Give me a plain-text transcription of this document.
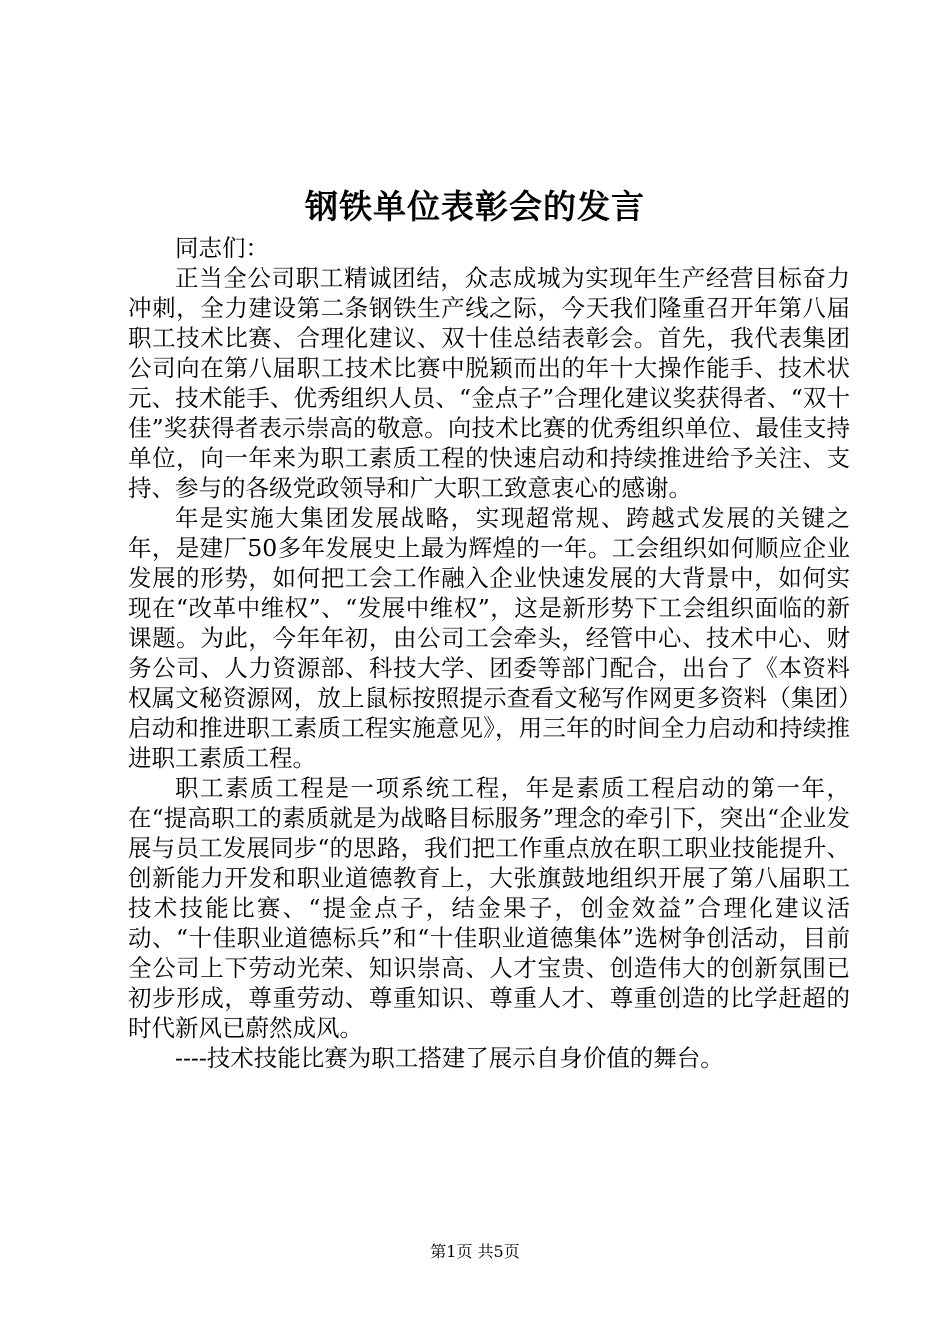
钢铁单位表彰会的发言

同志们：

正当全公司职工精诚团结，众志成城为实现年生产经营目标奋力冲刺，全力建设第二条钢铁生产线之际，今天我们隆重召开年第八届职工技术比赛、合理化建议、双十佳总结表彰会。首先，我代表集团公司向在第八届职工技术比赛中脱颖而出的年十大操作能手、技术状元、技术能手、优秀组织人员、“金点子”合理化建议奖获得者、“双十佳”奖获得者表示崇高的敬意。向技术比赛的优秀组织单位、最佳支持单位，向一年来为职工素质工程的快速启动和持续推进给予关注、支持、参与的各级党政领导和广大职工致意衷心的感谢。

年是实施大集团发展战略，实现超常规、跨越式发展的关键之年，是建厂50多年发展史上最为辉煌的一年。工会组织如何顺应企业发展的形势，如何把工会工作融入企业快速发展的大背景中，如何实现在“改革中维权”、“发展中维权”，这是新形势下工会组织面临的新课题。为此，今年年初，由公司工会牵头，经管中心、技术中心、财务公司、人力资源部、科技大学、团委等部门配合，出台了《本资料权属文秘资源网，放上鼠标按照提示查看文秘写作网更多资料（集团）启动和推进职工素质工程实施意见》，用三年的时间全力启动和持续推进职工素质工程。

职工素质工程是一项系统工程，年是素质工程启动的第一年，在“提高职工的素质就是为战略目标服务”理念的牵引下，突出“企业发展与员工发展同步“的思路，我们把工作重点放在职工职业技能提升、创新能力开发和职业道德教育上，大张旗鼓地组织开展了第八届职工技术技能比赛、“提金点子，结金果子，创金效益”合理化建议活动、“十佳职业道德标兵”和“十佳职业道德集体”选树争创活动，目前全公司上下劳动光荣、知识崇高、人才宝贵、创造伟大的创新氛围已初步形成，尊重劳动、尊重知识、尊重人才、尊重创造的比学赶超的时代新风已蔚然成风。

----技术技能比赛为职工搭建了展示自身价值的舞台。

第1页 共5页
